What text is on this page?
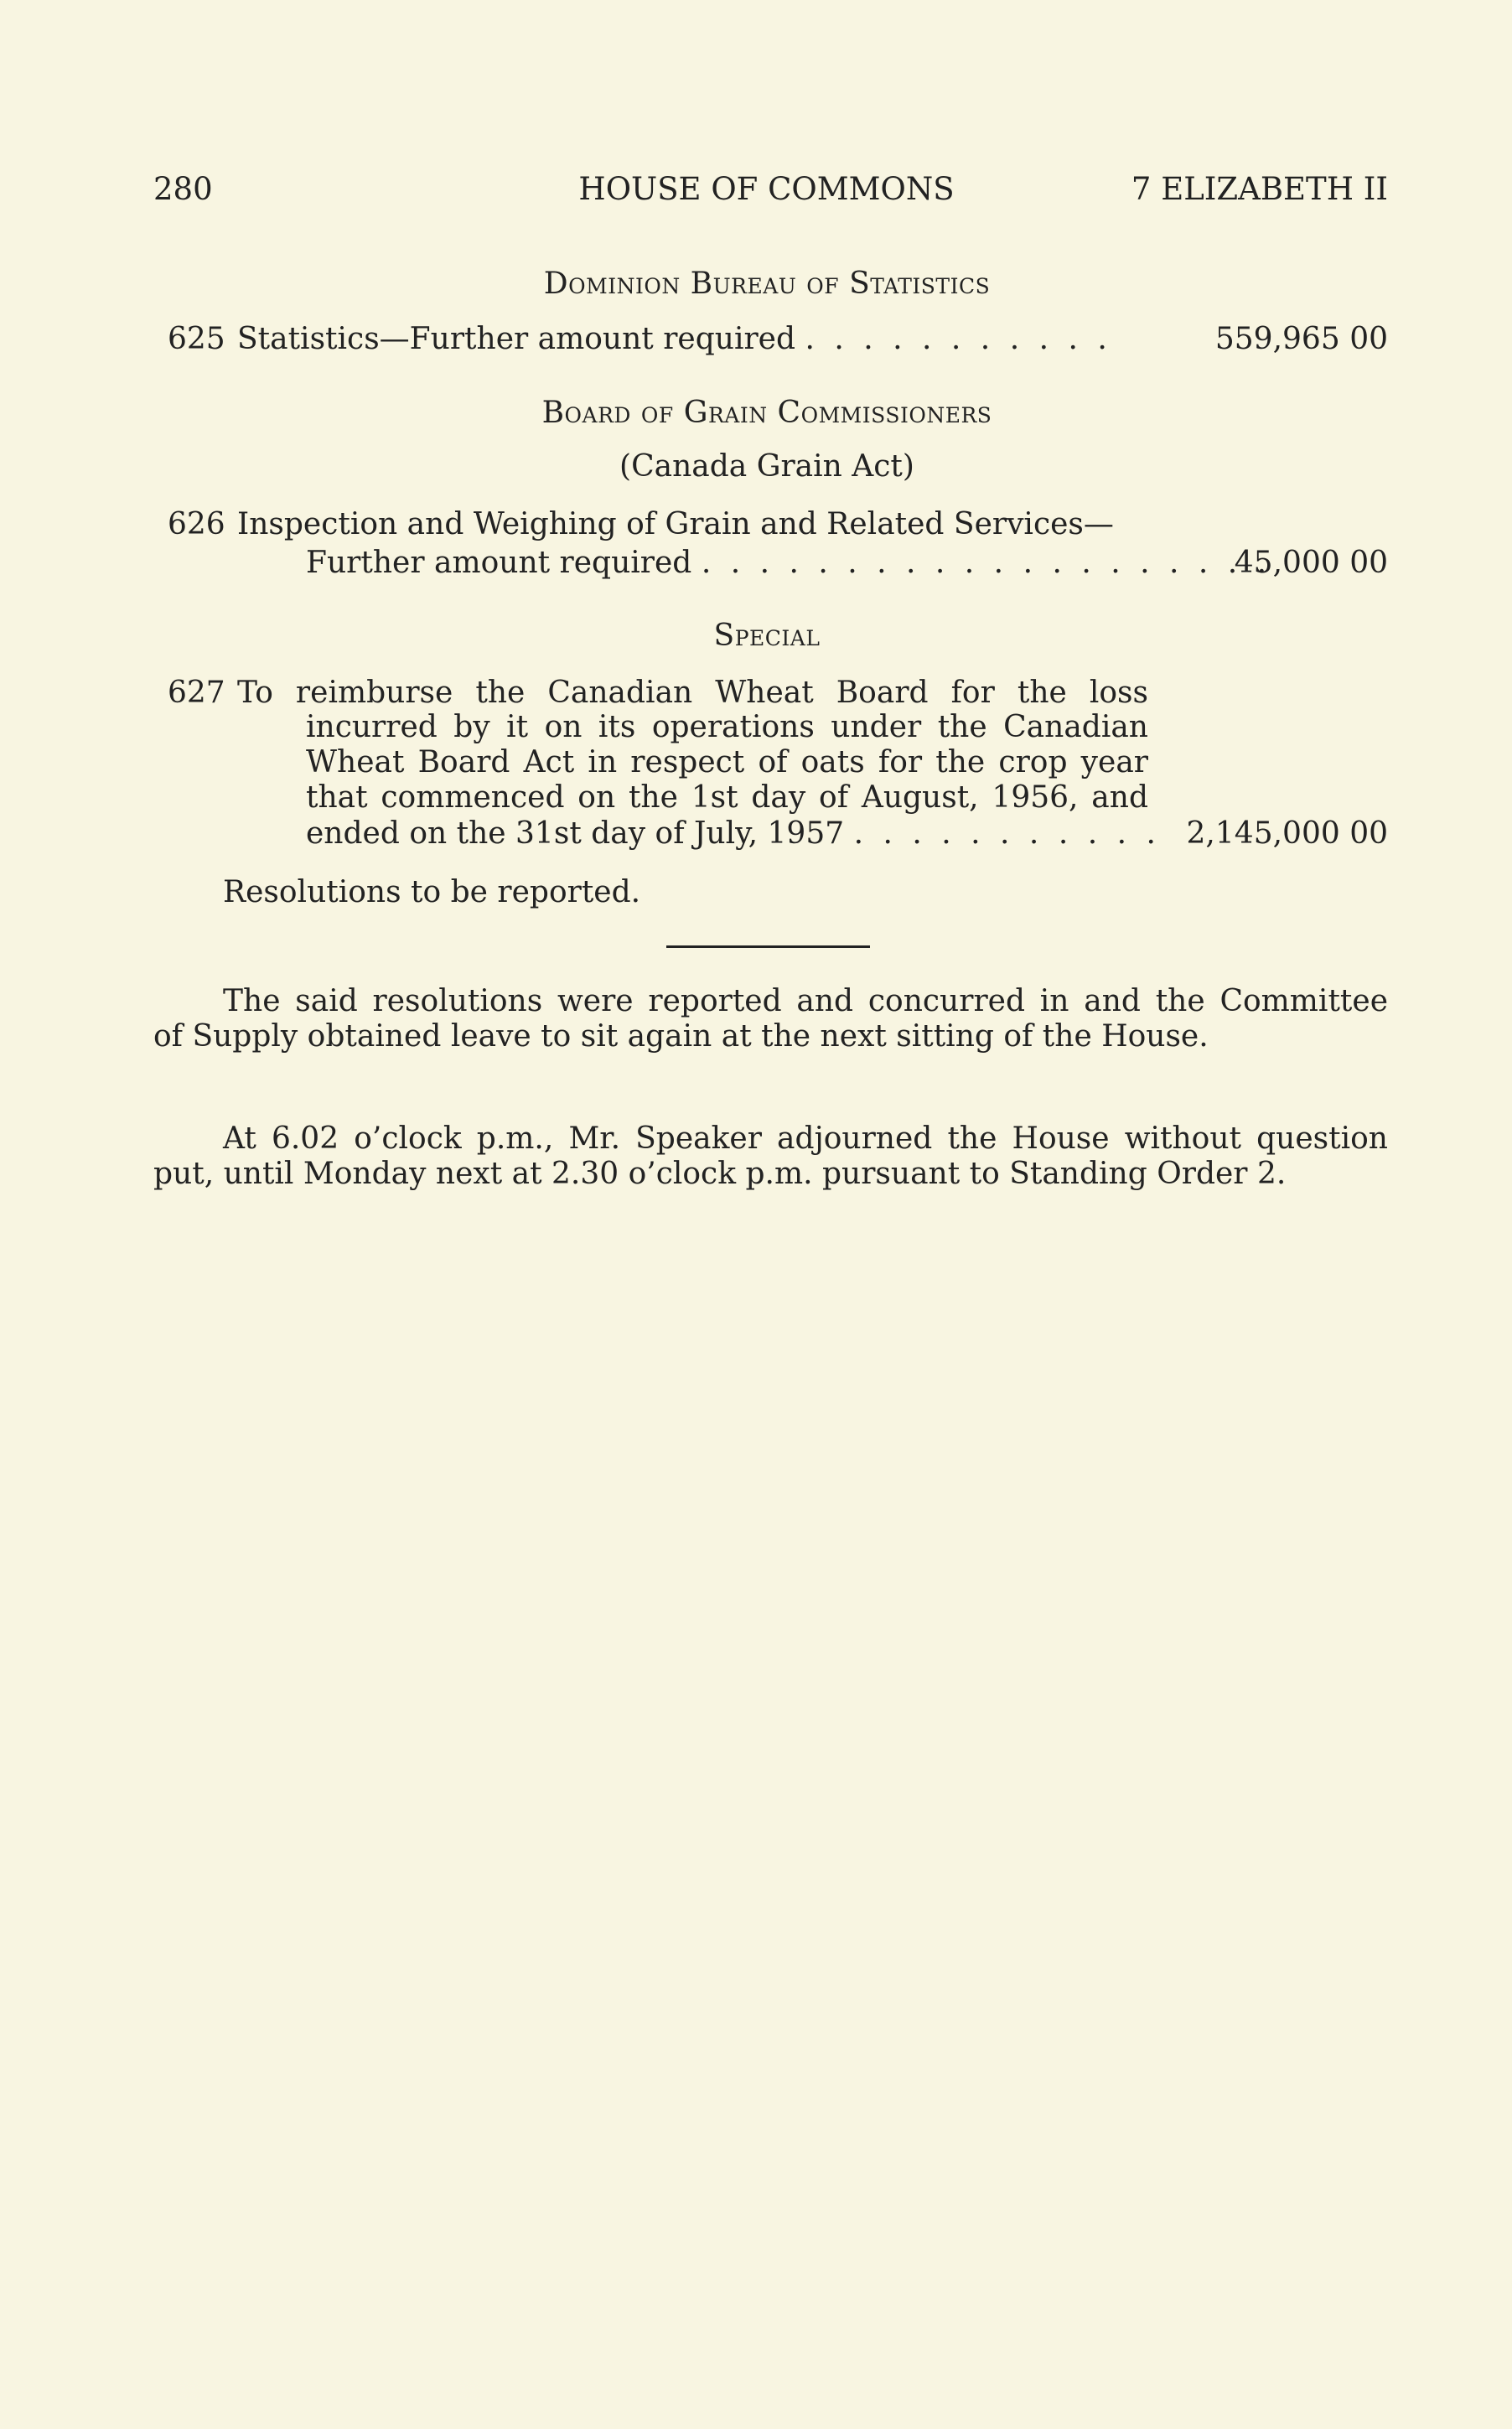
280	HOUSE OF COMMONS	7 ELIZABETH II
Dominion Bureau of Statistics
625 Statistics—Further amount required . . . . . . . . . . .	559,965 00
Board of Grain Commissioners
(Canada Grain Act)
626 Inspection and Weighing of Grain and Related Services—
Further amount required . . . . . . . . . . . . . . . . . . . .
45,000 00
Special
627 To reimburse the Canadian Wheat Board for the loss
incurred by it on its operations under the Canadian
Wheat Board Act in respect of oats for the crop year
that commenced on the 1st day of August, 1956, and
ended on the 31st day of July, 1957 . . . . . . . . . . . 2,145,000 00
Resolutions to be reported.
The said resolutions were reported and concurred in and the Committee
of Supply obtained leave to sit again at the next sitting of the House.
At 6.02 o’clock p.m., Mr. Speaker adjourned the House without question
put, until Monday next at 2.30 o’clock p.m. pursuant to Standing Order 2.
